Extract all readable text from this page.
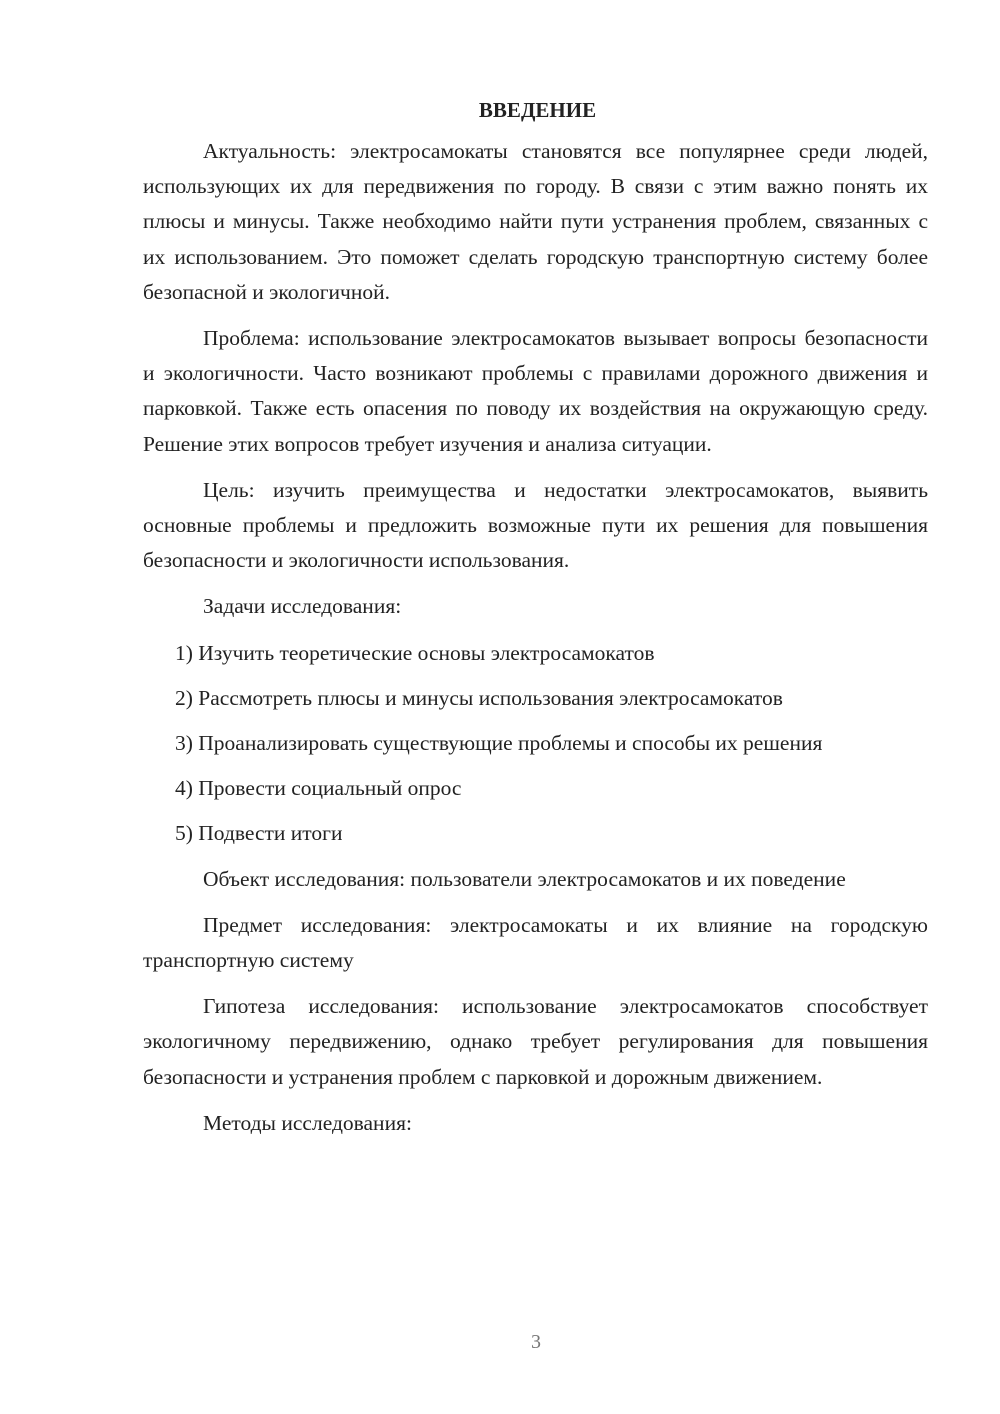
ВВЕДЕНИЕ

Актуальность: электросамокаты становятся все популярнее среди людей, использующих их для передвижения по городу. В связи с этим важно понять их плюсы и минусы. Также необходимо найти пути устранения проблем, связанных с их использованием. Это поможет сделать городскую транспортную систему более безопасной и экологичной.

Проблема: использование электросамокатов вызывает вопросы безопасности и экологичности. Часто возникают проблемы с правилами дорожного движения и парковкой. Также есть опасения по поводу их воздействия на окружающую среду. Решение этих вопросов требует изучения и анализа ситуации.

Цель: изучить преимущества и недостатки электросамокатов, выявить основные проблемы и предложить возможные пути их решения для повышения безопасности и экологичности использования.

Задачи исследования:

1) Изучить теоретические основы электросамокатов
2) Рассмотреть плюсы и минусы использования электросамокатов
3) Проанализировать существующие проблемы и способы их решения
4) Провести социальный опрос
5) Подвести итоги

Объект исследования: пользователи электросамокатов и их поведение

Предмет исследования: электросамокаты и их влияние на городскую транспортную систему

Гипотеза исследования: использование электросамокатов способствует экологичному передвижению, однако требует регулирования для повышения безопасности и устранения проблем с парковкой и дорожным движением.

Методы исследования:

3
